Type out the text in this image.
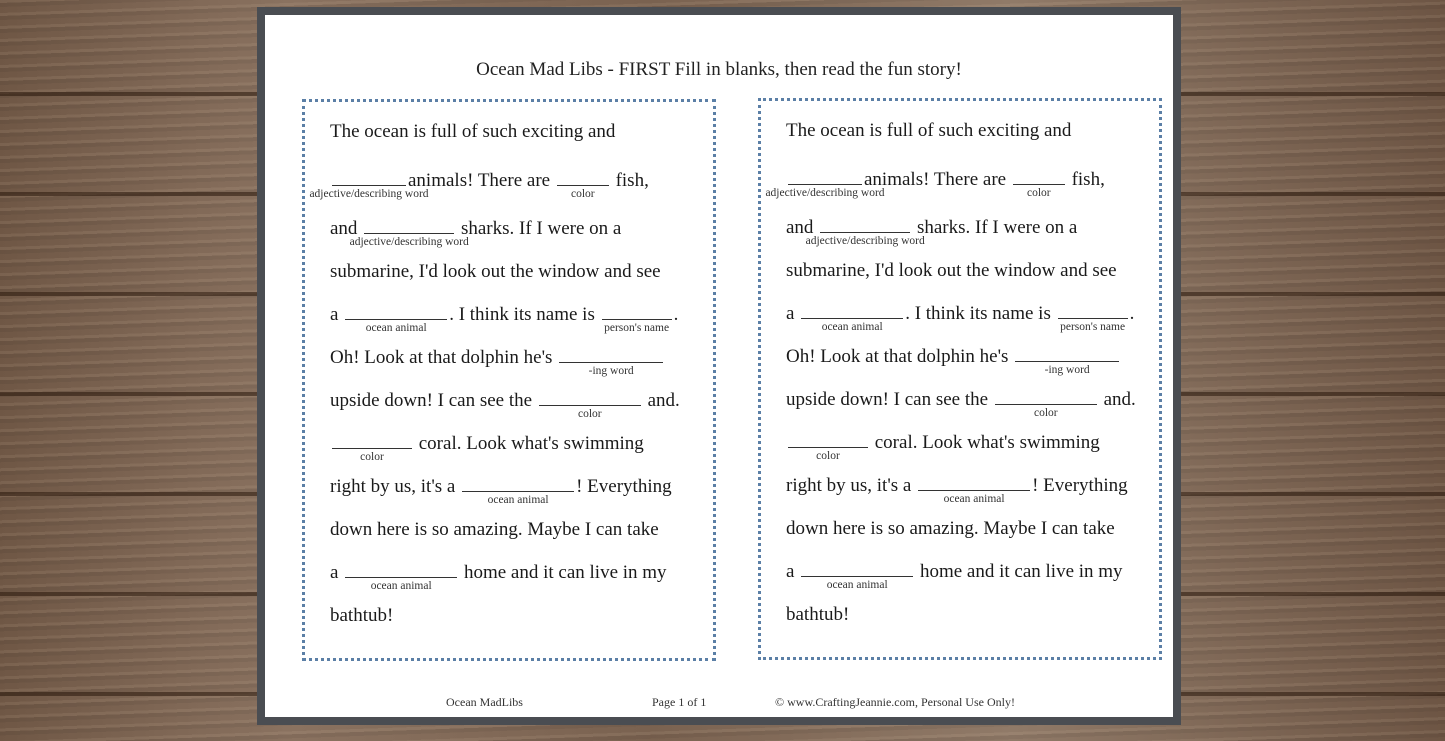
Ocean Mad Libs - FIRST Fill in blanks, then read the fun story!
The ocean is full of such exciting and
adjective/describing word
animals! There are
color
fish,
and
adjective/describing word
sharks. If I were on a
submarine, I'd look out the window and see
a
ocean animal
. I think its name is
person's name
.
Oh! Look at that dolphin he's
-ing word
upside down! I can see the
color
and.
color
coral. Look what's swimming
right by us, it's a
ocean animal
! Everything
down here is so amazing. Maybe I can take
a
ocean animal
home and it can live in my
bathtub!
The ocean is full of such exciting and
adjective/describing word
animals! There are
color
fish,
and
adjective/describing word
sharks. If I were on a
submarine, I'd look out the window and see
a
ocean animal
. I think its name is
person's name
.
Oh! Look at that dolphin he's
-ing word
upside down! I can see the
color
and.
color
coral. Look what's swimming
right by us, it's a
ocean animal
! Everything
down here is so amazing. Maybe I can take
a
ocean animal
home and it can live in my
bathtub!
Ocean MadLibs	Page 1 of 1	© www.CraftingJeannie.com, Personal Use Only!
